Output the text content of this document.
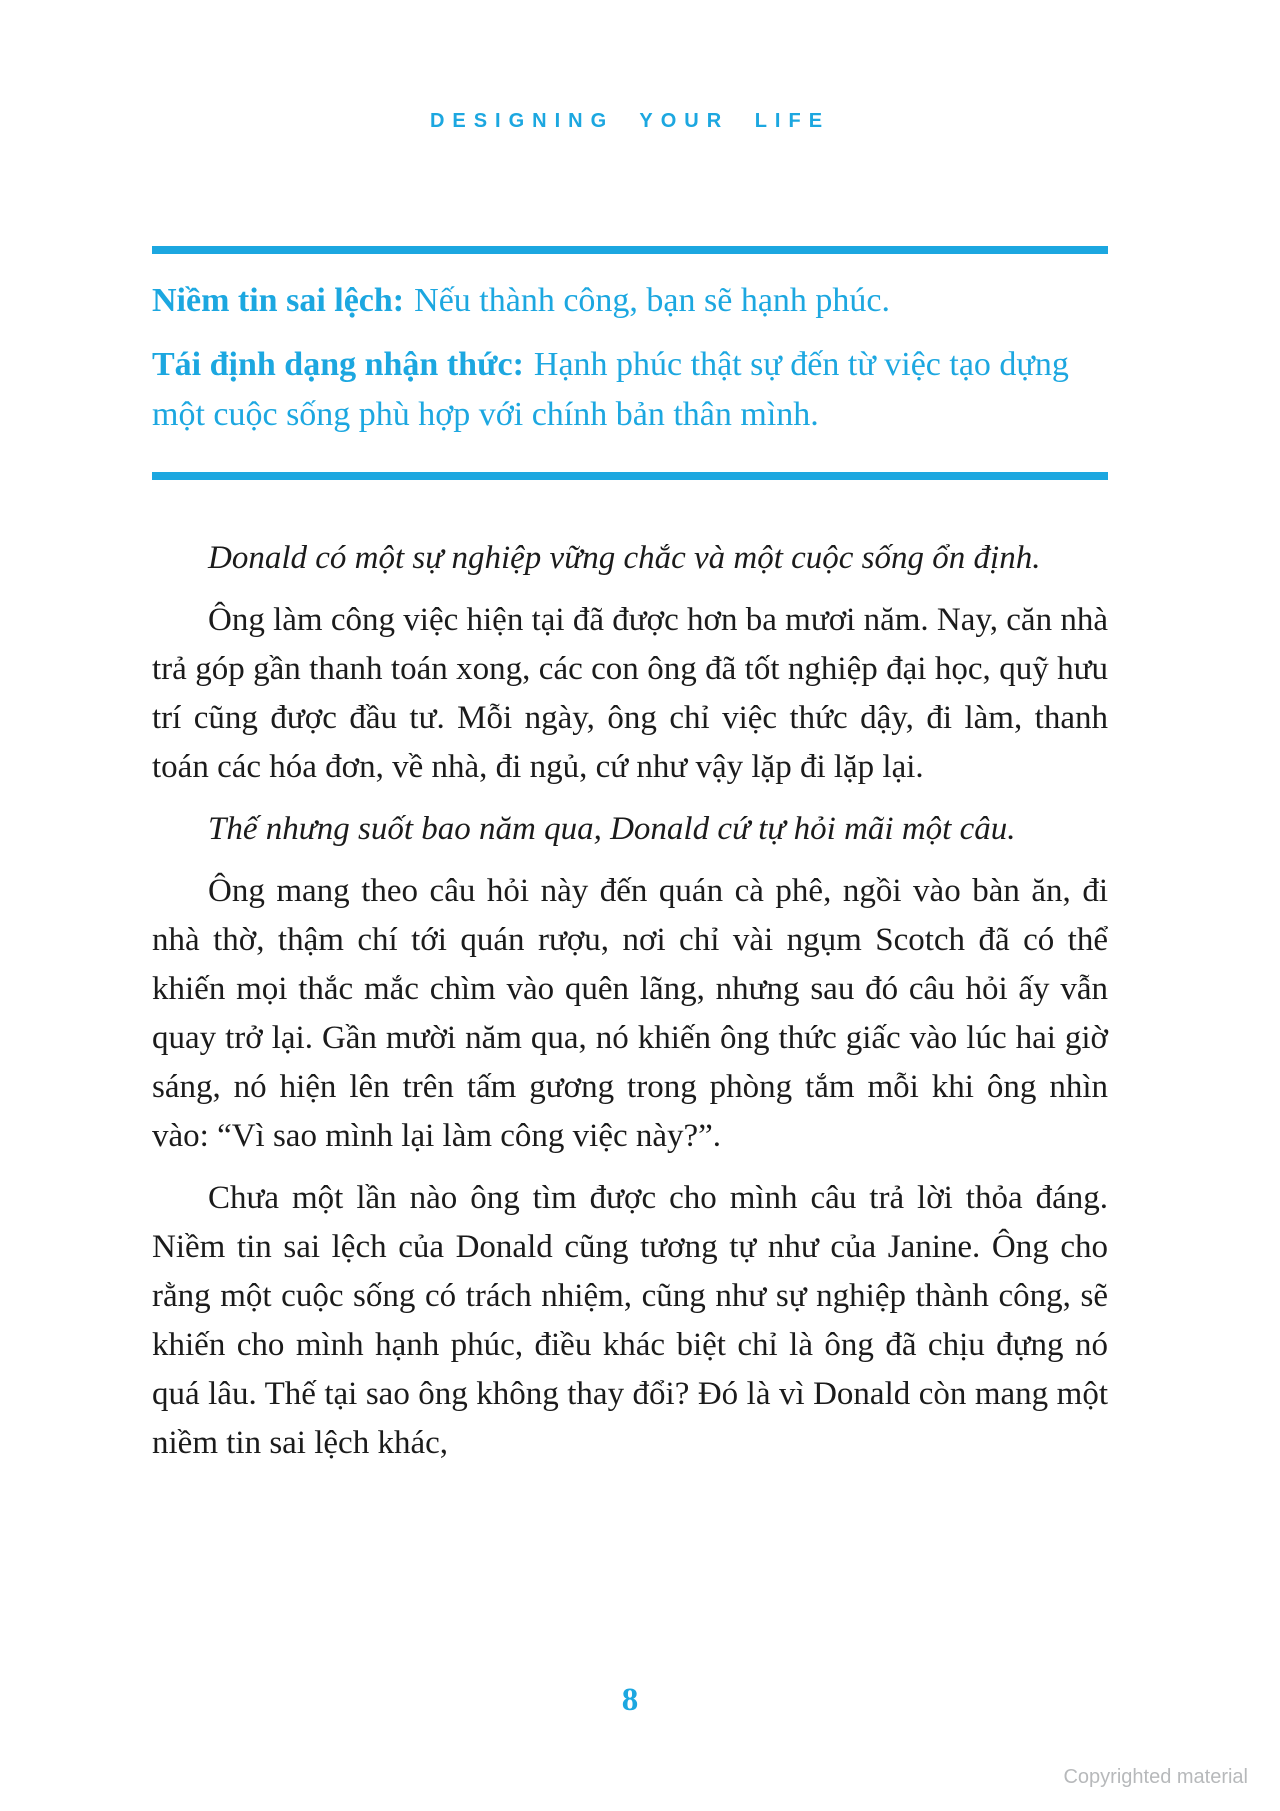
DESIGNING YOUR LIFE

Niềm tin sai lệch: Nếu thành công, bạn sẽ hạnh phúc.

Tái định dạng nhận thức: Hạnh phúc thật sự đến từ việc tạo dựng một cuộc sống phù hợp với chính bản thân mình.

Donald có một sự nghiệp vững chắc và một cuộc sống ổn định.

Ông làm công việc hiện tại đã được hơn ba mươi năm. Nay, căn nhà trả góp gần thanh toán xong, các con ông đã tốt nghiệp đại học, quỹ hưu trí cũng được đầu tư. Mỗi ngày, ông chỉ việc thức dậy, đi làm, thanh toán các hóa đơn, về nhà, đi ngủ, cứ như vậy lặp đi lặp lại.

Thế nhưng suốt bao năm qua, Donald cứ tự hỏi mãi một câu.

Ông mang theo câu hỏi này đến quán cà phê, ngồi vào bàn ăn, đi nhà thờ, thậm chí tới quán rượu, nơi chỉ vài ngụm Scotch đã có thể khiến mọi thắc mắc chìm vào quên lãng, nhưng sau đó câu hỏi ấy vẫn quay trở lại. Gần mười năm qua, nó khiến ông thức giấc vào lúc hai giờ sáng, nó hiện lên trên tấm gương trong phòng tắm mỗi khi ông nhìn vào: “Vì sao mình lại làm công việc này?”.

Chưa một lần nào ông tìm được cho mình câu trả lời thỏa đáng. Niềm tin sai lệch của Donald cũng tương tự như của Janine. Ông cho rằng một cuộc sống có trách nhiệm, cũng như sự nghiệp thành công, sẽ khiến cho mình hạnh phúc, điều khác biệt chỉ là ông đã chịu đựng nó quá lâu. Thế tại sao ông không thay đổi? Đó là vì Donald còn mang một niềm tin sai lệch khác,

8
Copyrighted material
